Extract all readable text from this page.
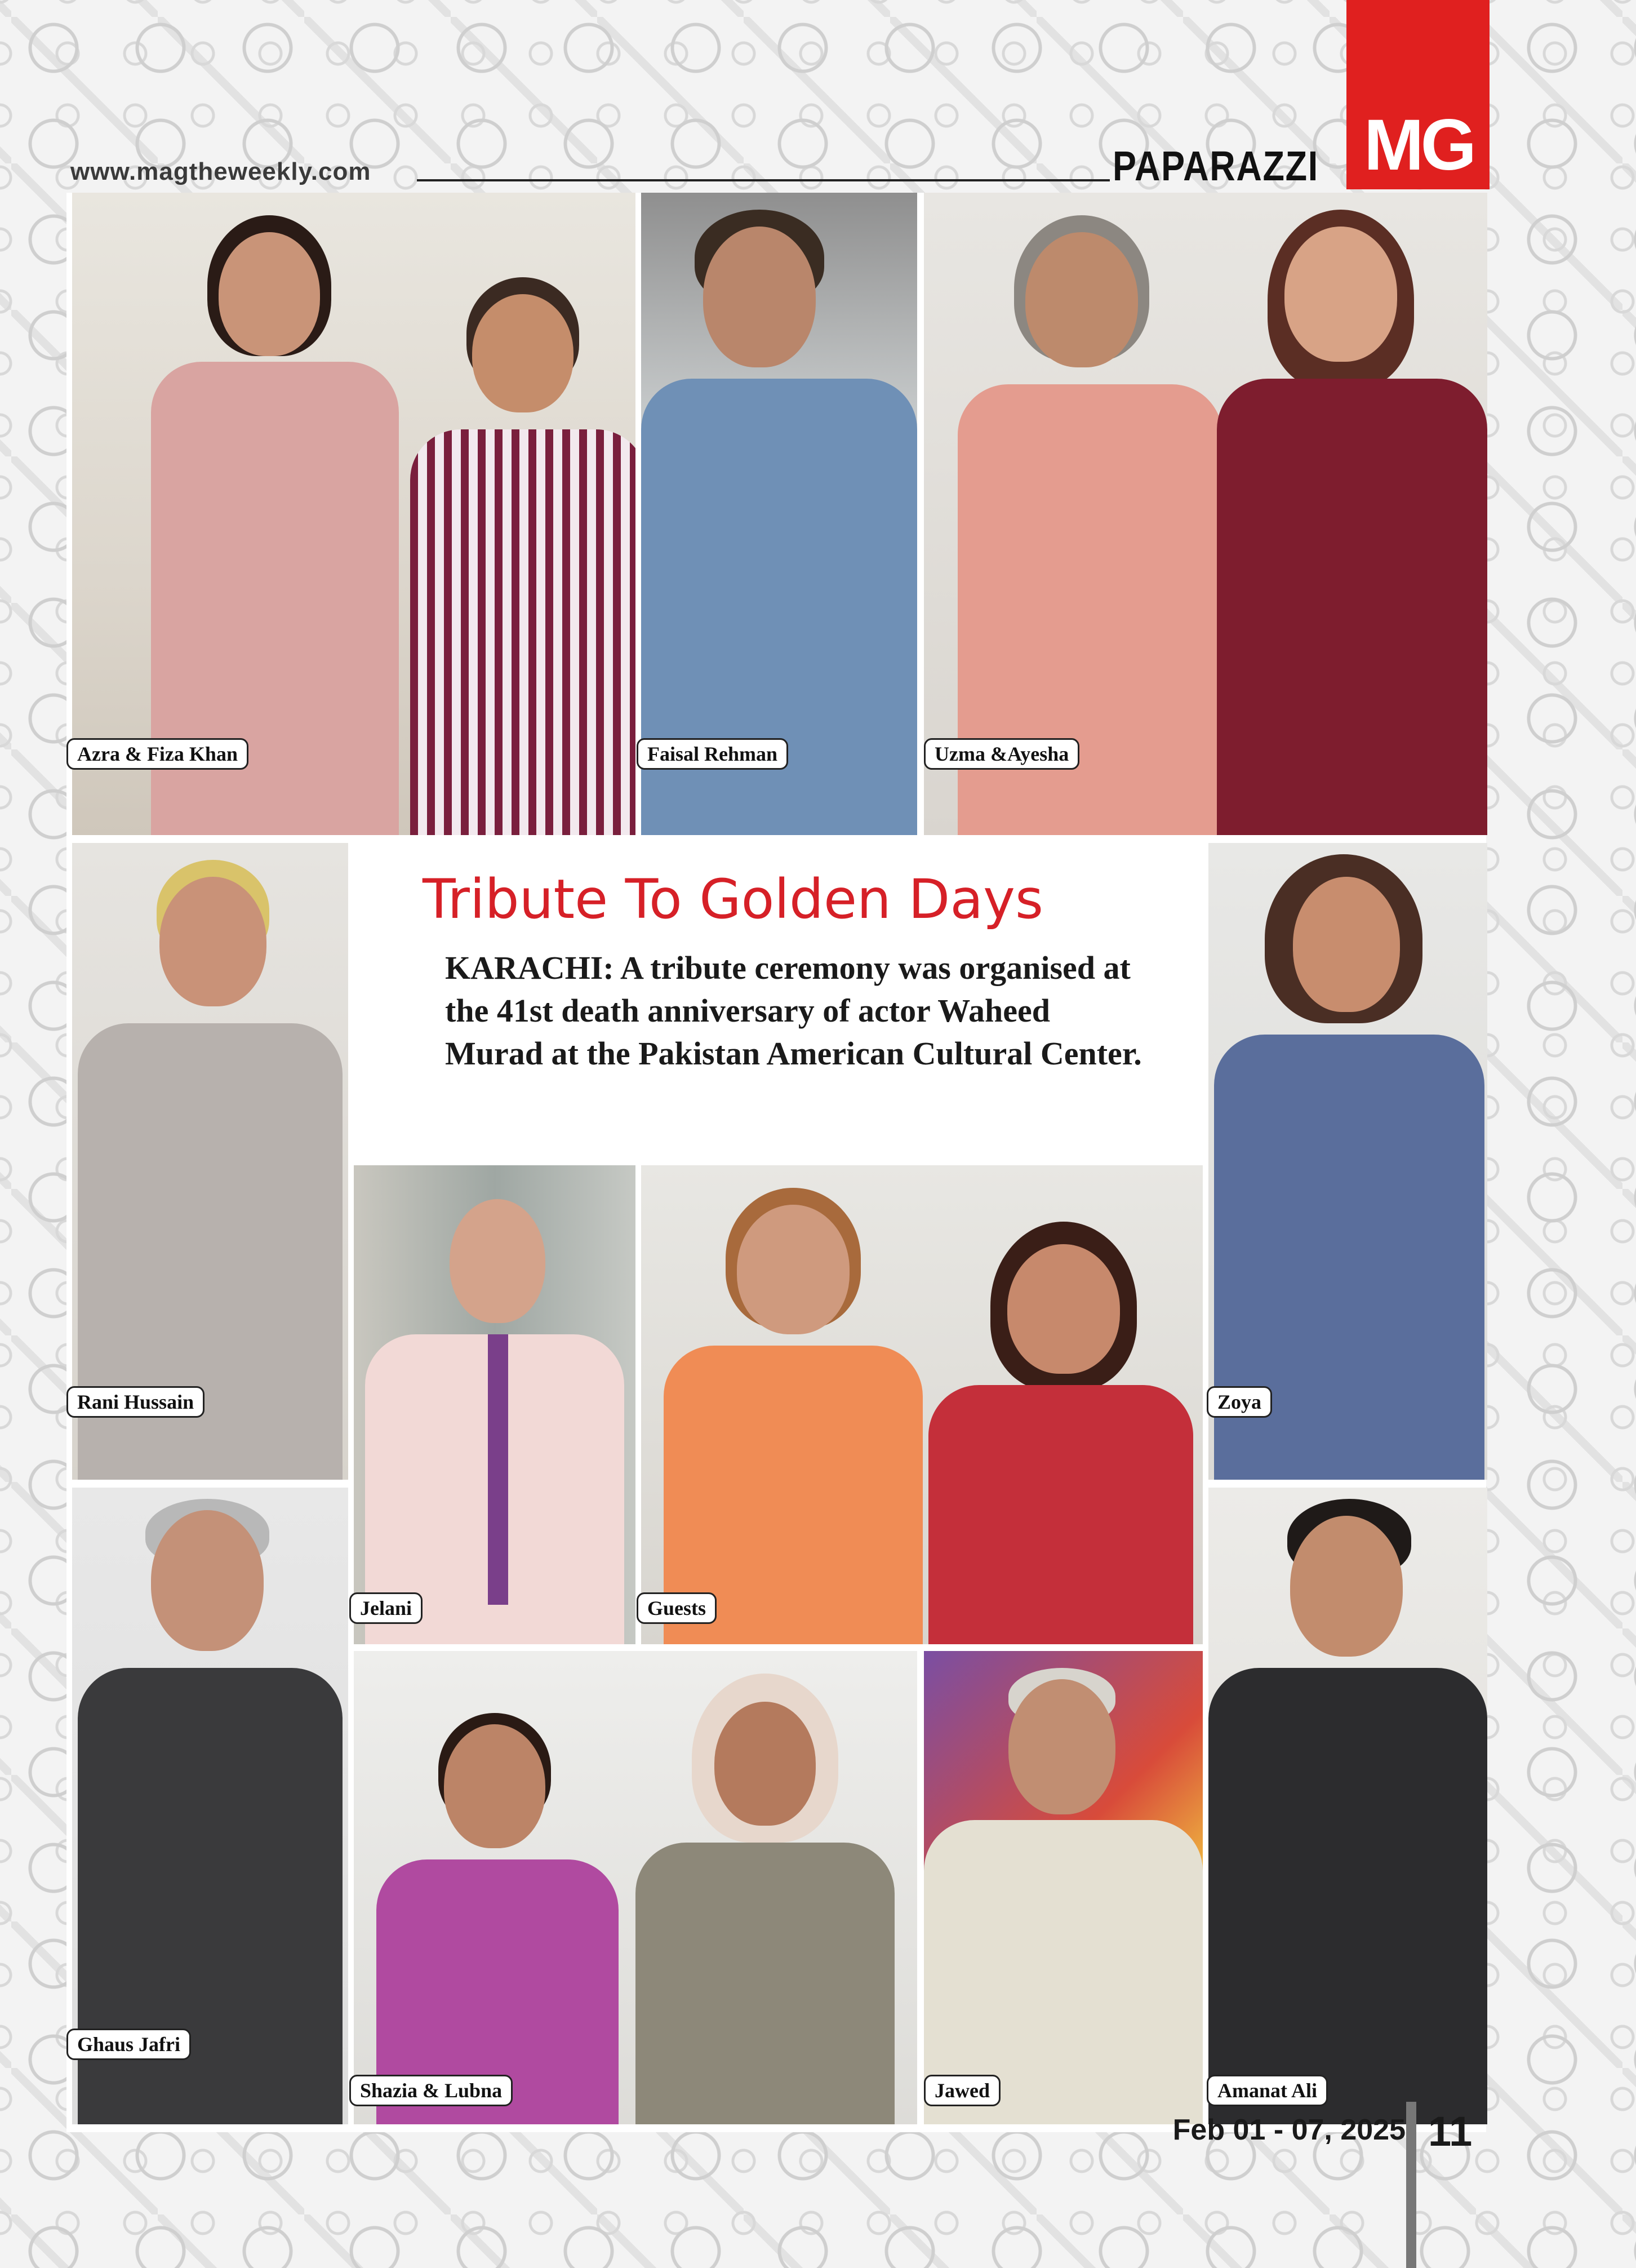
www.magtheweekly.com	PAPARAZZI MG
Azra & Fiza Khan	Faisal Rehman	Uzma &Ayesha
Rani Hussain
Tribute To Golden Days
KARACHI: A tribute ceremony was organised at the 41st death anniversary of actor Waheed Murad at the Pakistan American Cultural Center.
Zoya
Jelani	Guests
Ghaus Jafri
Shazia & Lubna	Jawed	Amanat Ali
Feb 01 - 07, 2025 11
